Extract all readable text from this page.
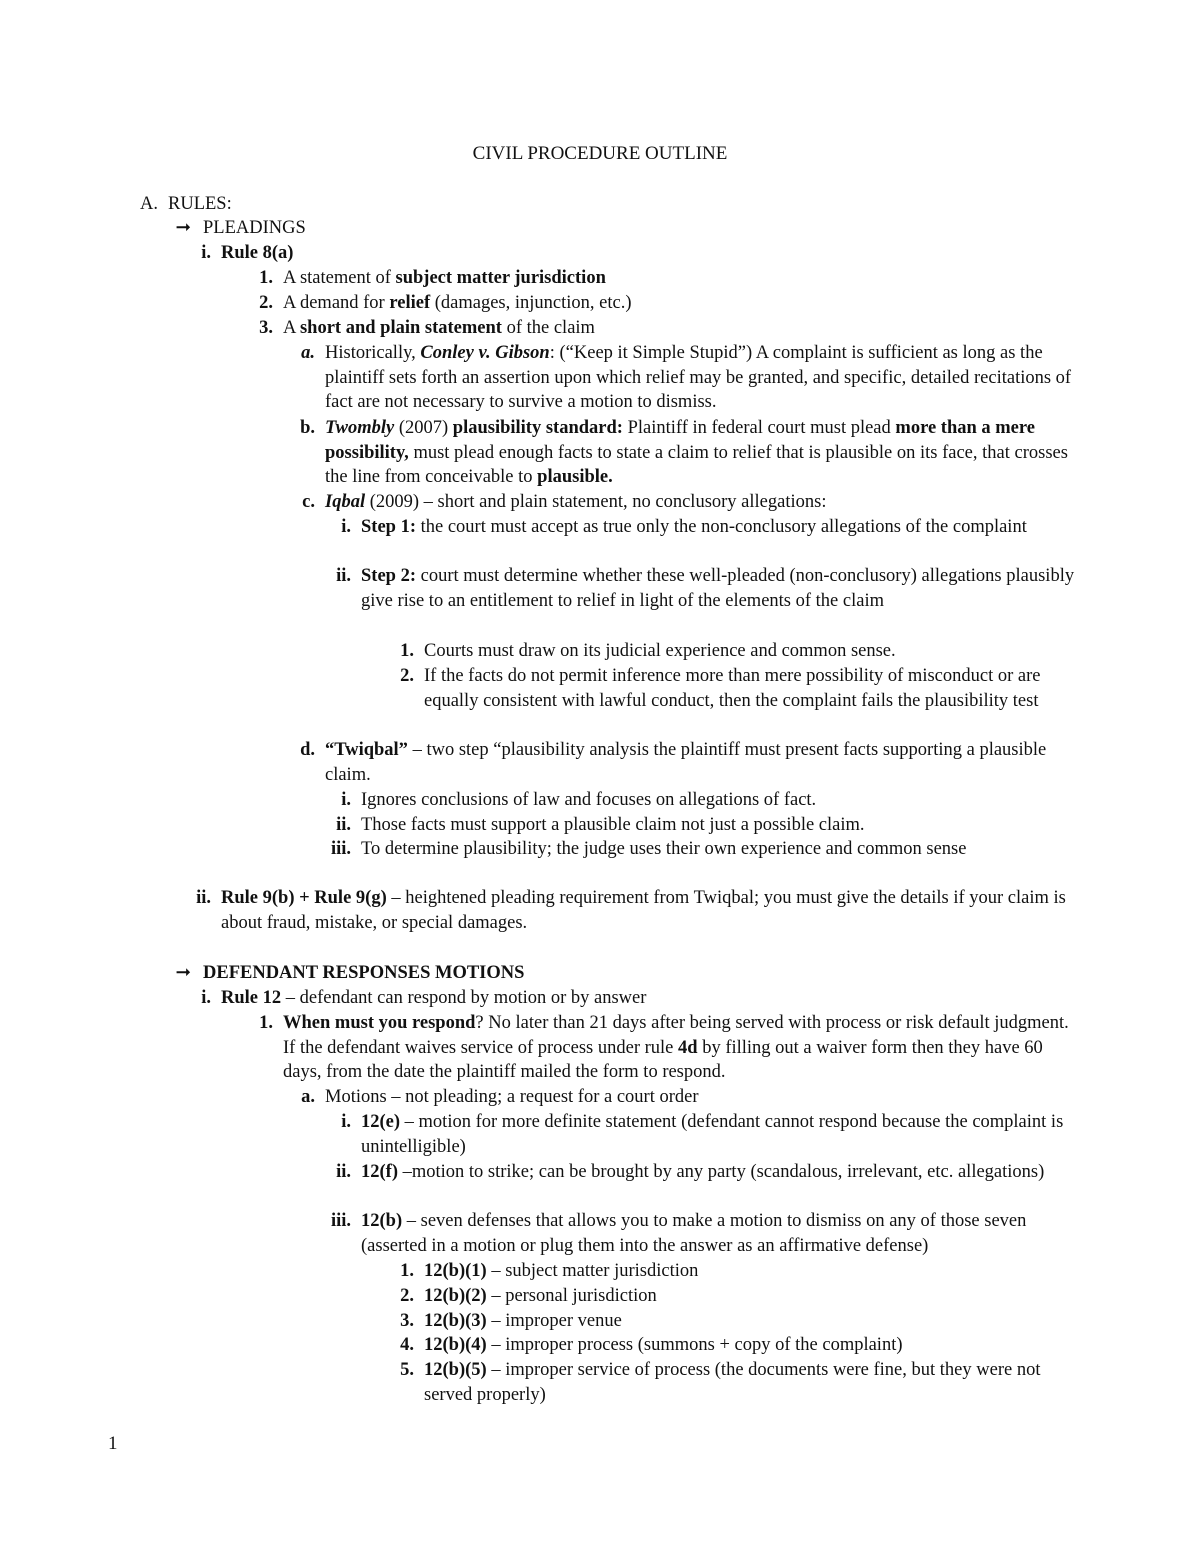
CIVIL PROCEDURE OUTLINE
A. RULES:
➞ PLEADINGS
i. Rule 8(a)
1. A statement of subject matter jurisdiction
2. A demand for relief (damages, injunction, etc.)
3. A short and plain statement of the claim
a. Historically, Conley v. Gibson: (“Keep it Simple Stupid”) A complaint is sufficient as long as the plaintiff sets forth an assertion upon which relief may be granted, and specific, detailed recitations of fact are not necessary to survive a motion to dismiss.
b. Twombly (2007) plausibility standard: Plaintiff in federal court must plead more than a mere possibility, must plead enough facts to state a claim to relief that is plausible on its face, that crosses the line from conceivable to plausible.
c. Iqbal (2009) – short and plain statement, no conclusory allegations:
i. Step 1: the court must accept as true only the non-conclusory allegations of the complaint
ii. Step 2: court must determine whether these well-pleaded (non-conclusory) allegations plausibly give rise to an entitlement to relief in light of the elements of the claim
1. Courts must draw on its judicial experience and common sense.
2. If the facts do not permit inference more than mere possibility of misconduct or are equally consistent with lawful conduct, then the complaint fails the plausibility test
d. “Twiqbal” – two step “plausibility analysis the plaintiff must present facts supporting a plausible claim.
i. Ignores conclusions of law and focuses on allegations of fact.
ii. Those facts must support a plausible claim not just a possible claim.
iii. To determine plausibility; the judge uses their own experience and common sense
ii. Rule 9(b) + Rule 9(g) – heightened pleading requirement from Twiqbal; you must give the details if your claim is about fraud, mistake, or special damages.
➞ DEFENDANT RESPONSES MOTIONS
i. Rule 12 – defendant can respond by motion or by answer
1. When must you respond? No later than 21 days after being served with process or risk default judgment. If the defendant waives service of process under rule 4d by filling out a waiver form then they have 60 days, from the date the plaintiff mailed the form to respond.
a. Motions – not pleading; a request for a court order
i. 12(e) – motion for more definite statement (defendant cannot respond because the complaint is unintelligible)
ii. 12(f) –motion to strike; can be brought by any party (scandalous, irrelevant, etc. allegations)
iii. 12(b) – seven defenses that allows you to make a motion to dismiss on any of those seven (asserted in a motion or plug them into the answer as an affirmative defense)
1. 12(b)(1) – subject matter jurisdiction
2. 12(b)(2) – personal jurisdiction
3. 12(b)(3) – improper venue
4. 12(b)(4) – improper process (summons + copy of the complaint)
5. 12(b)(5) – improper service of process (the documents were fine, but they were not served properly)
1
